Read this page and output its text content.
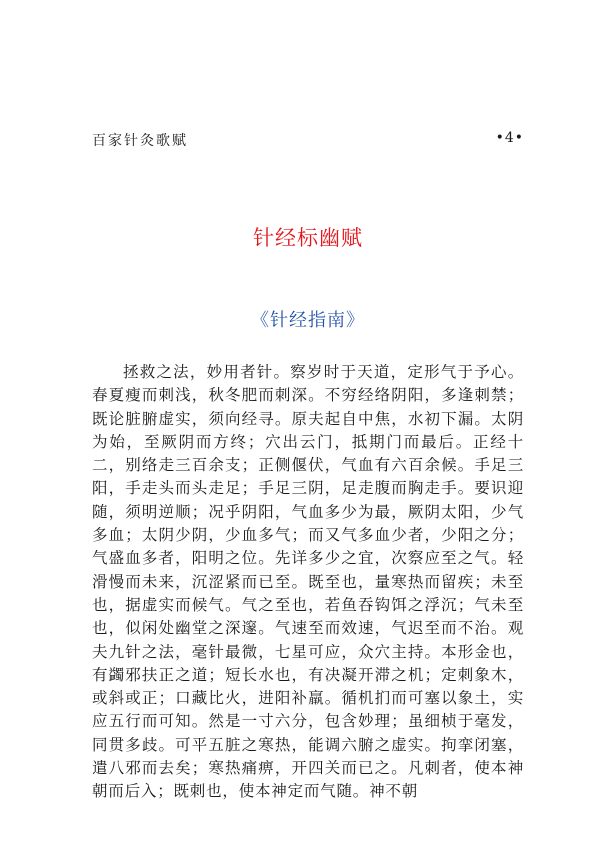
百家针灸歌赋	•4•
针经标幽赋
《针经指南》

拯救之法，妙用者针。察岁时于天道，定形气于予心。春夏瘦而刺浅，秋冬肥而刺深。不穷经络阴阳，多逢刺禁；既论脏腑虚实，须向经寻。原夫起自中焦，水初下漏。太阴为始，至厥阴而方终；穴出云门，抵期门而最后。正经十二，别络走三百余支；正侧偃伏，气血有六百余候。手足三阳，手走头而头走足；手足三阴，足走腹而胸走手。要识迎随，须明逆顺；况乎阴阳，气血多少为最，厥阴太阳，少气多血；太阴少阴，少血多气；而又气多血少者，少阳之分；气盛血多者，阳明之位。先详多少之宜，次察应至之气。轻滑慢而未来，沉涩紧而已至。既至也，量寒热而留疾；未至也，据虚实而候气。气之至也，若鱼吞钩饵之浮沉；气未至也，似闲处幽堂之深邃。气速至而效速，气迟至而不治。观夫九针之法，毫针最微，七星可应，众穴主持。本形金也，有蠲邪扶正之道；短长水也，有决凝开滞之机；定刺象木，或斜或正；口藏比火，进阳补羸。循机扪而可塞以象土，实应五行而可知。然是一寸六分，包含妙理；虽细桢于毫发，同贯多歧。可平五脏之寒热，能调六腑之虚实。拘挛闭塞，遣八邪而去矣；寒热痛痹，开四关而已之。凡刺者，使本神朝而后入；既刺也，使本神定而气随。神不朝
